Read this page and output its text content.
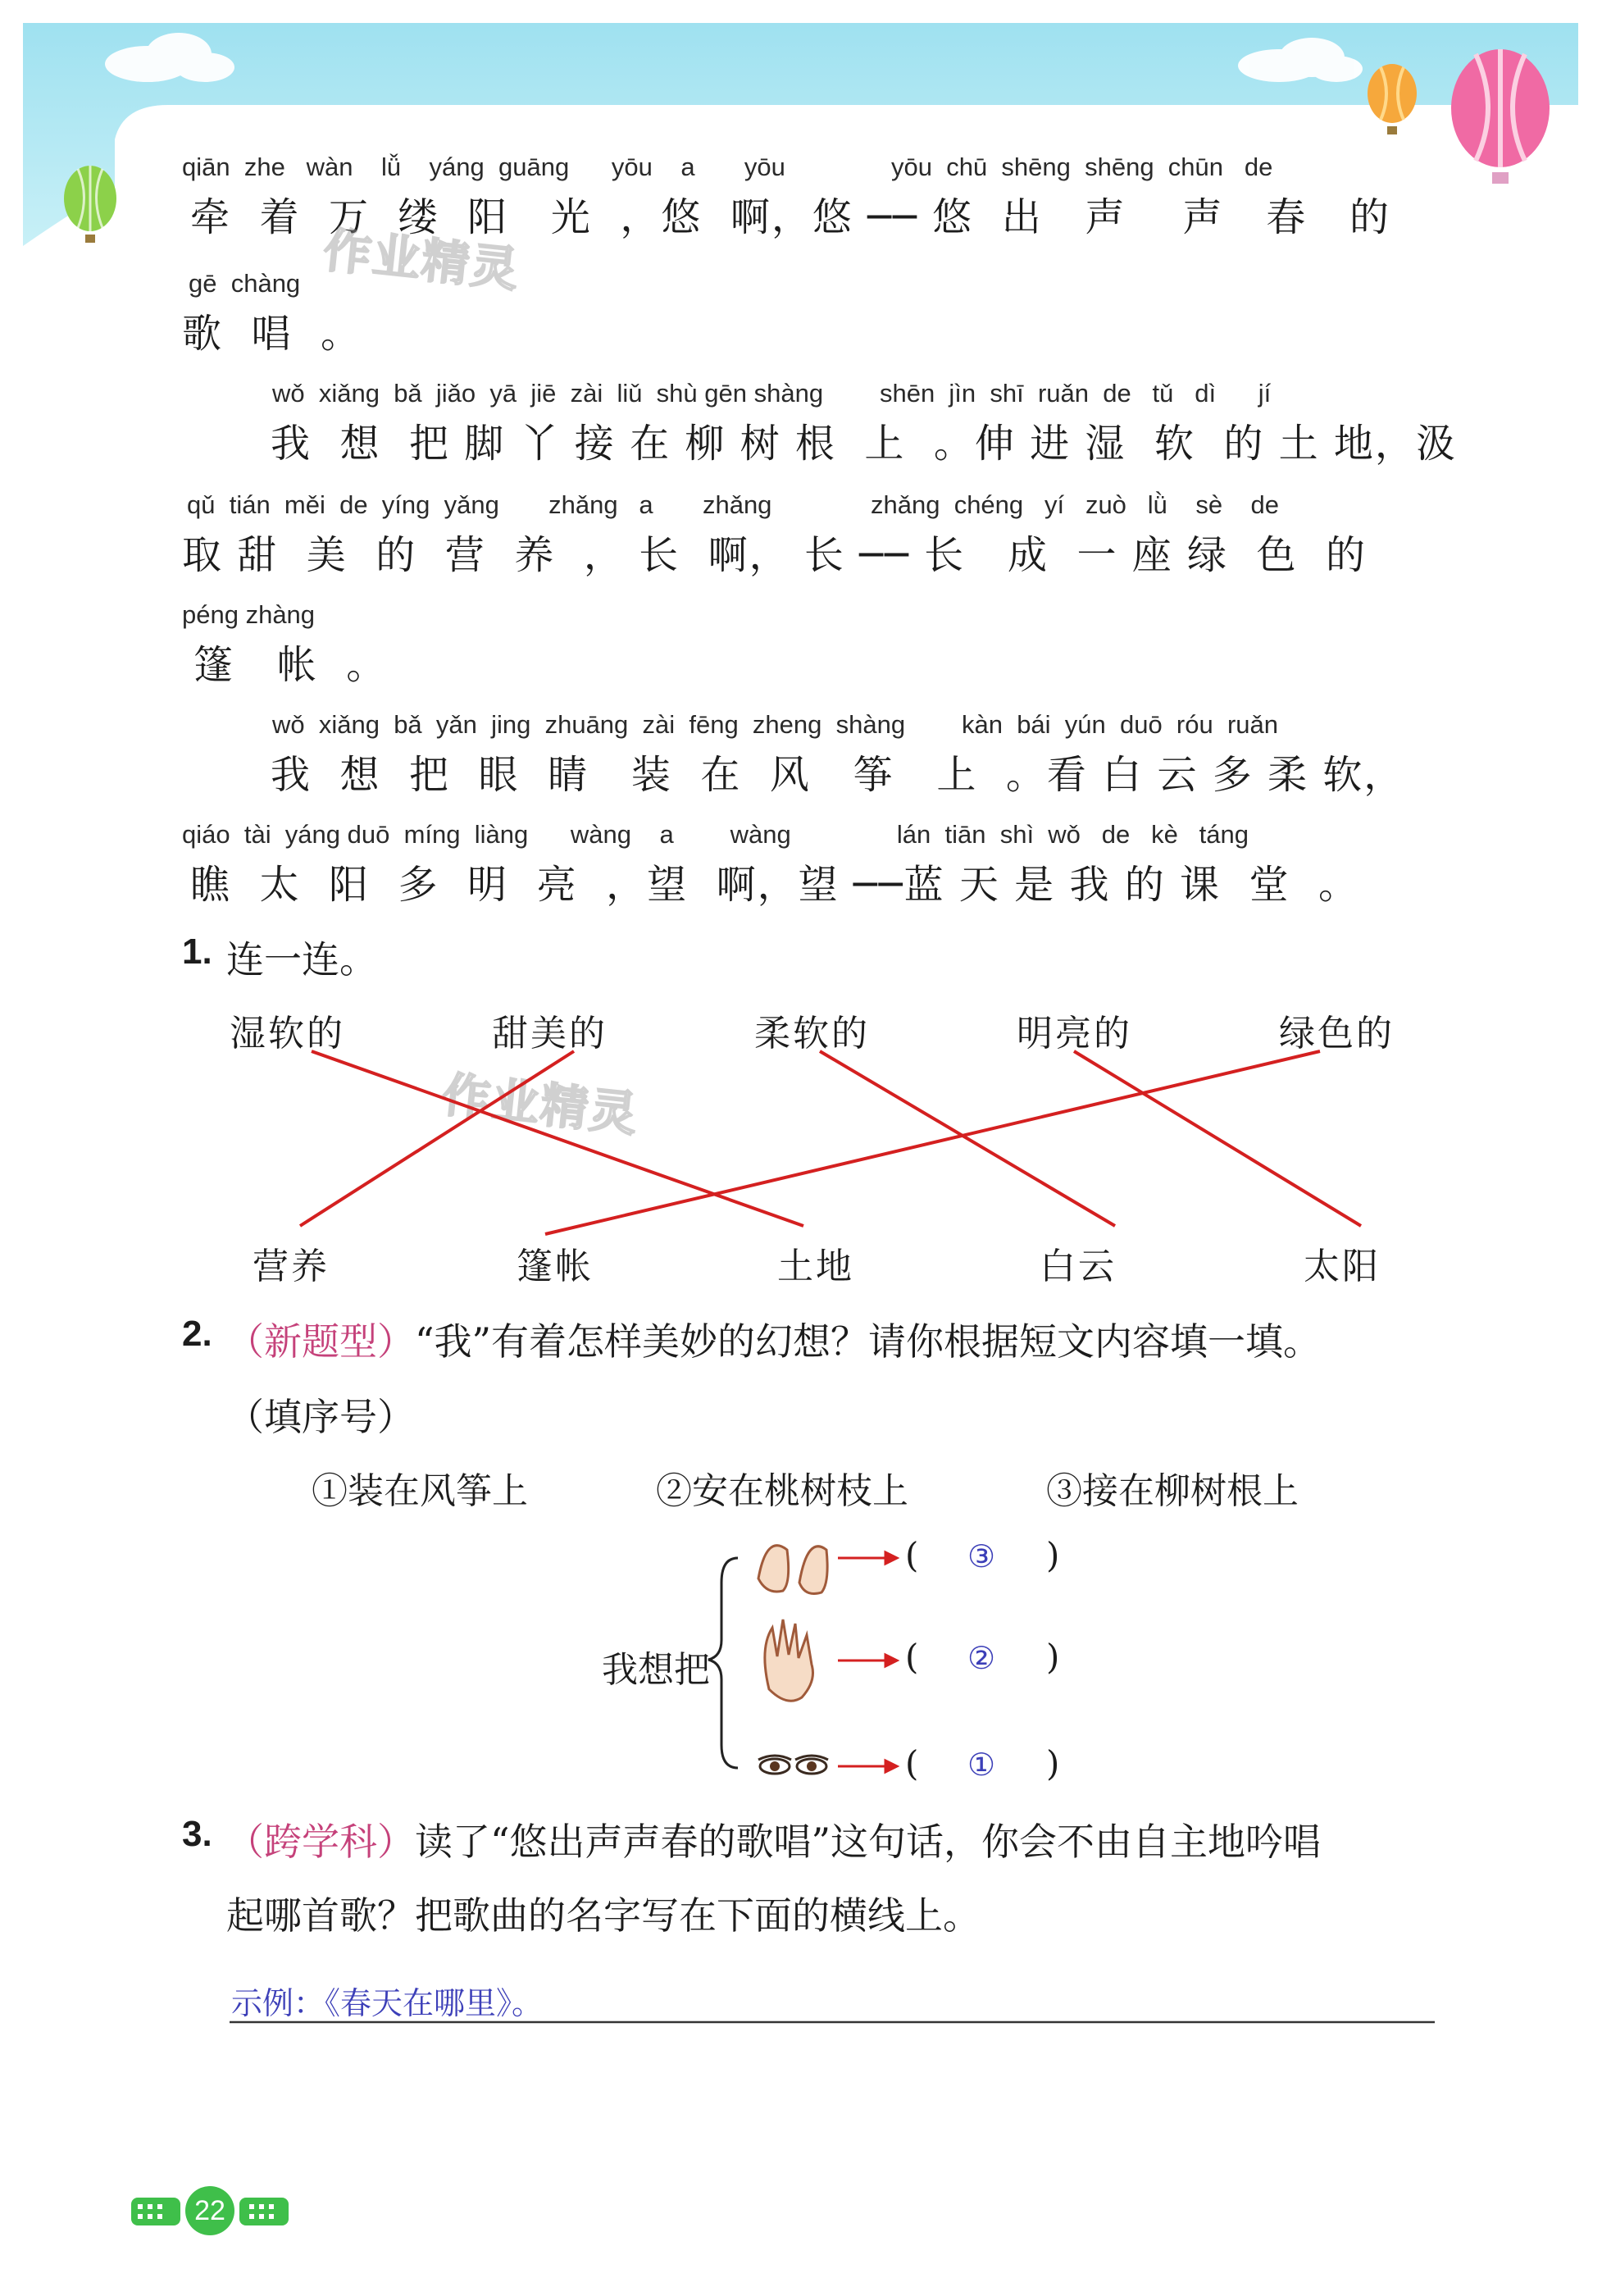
qiān  zhe   wàn    lǚ    yáng  guāng      yōu    a       yōu               yōu  chū  shēng  shēng  chūn   de
牵  着  万  缕  阳   光  ，悠  啊，悠 ── 悠  出   声    声   春   的
gē  chàng
歌  唱  。
wǒ  xiǎng  bǎ  jiǎo  yā  jiē  zài  liǔ  shù gēn shàng        shēn  jìn  shī  ruǎn  de   tǔ   dì      jí
我  想  把 脚 丫 接 在 柳 树 根  上  。伸 进 湿  软  的 土 地，汲
qǔ  tián  měi  de  yíng  yǎng       zhǎng   a       zhǎng              zhǎng  chéng   yí   zuò   lǜ    sè    de
取 甜  美  的  营  养  ， 长  啊， 长 ── 长   成  一 座 绿  色  的
péng zhàng
篷   帐  。
wǒ  xiǎng  bǎ  yǎn  jing  zhuāng  zài  fēng  zheng  shàng        kàn  bái  yún  duō  róu  ruǎn
我  想  把  眼  睛   装  在  风   筝   上  。看 白 云 多 柔 软，
qiáo  tài  yáng duō  míng  liàng      wàng    a        wàng               lán  tiān  shì  wǒ   de   kè   táng
瞧  太  阳  多  明  亮  ，望  啊，望 ──蓝 天 是 我 的 课  堂  。
作业精灵
作业精灵
1. 连一连。
湿软的	甜美的	柔软的	明亮的	绿色的
营养	篷帐	土地	白云	太阳
2. （新题型）“我”有着怎样美妙的幻想？请你根据短文内容填一填。
（填序号）
①装在风筝上	②安在桃树枝上	③接在柳树根上
我想把
( ③ )
( ② )
( ① )
3. （跨学科）读了“悠出声声春的歌唱”这句话，你会不由自主地吟唱
起哪首歌？把歌曲的名字写在下面的横线上。
示例：《春天在哪里》。
22
